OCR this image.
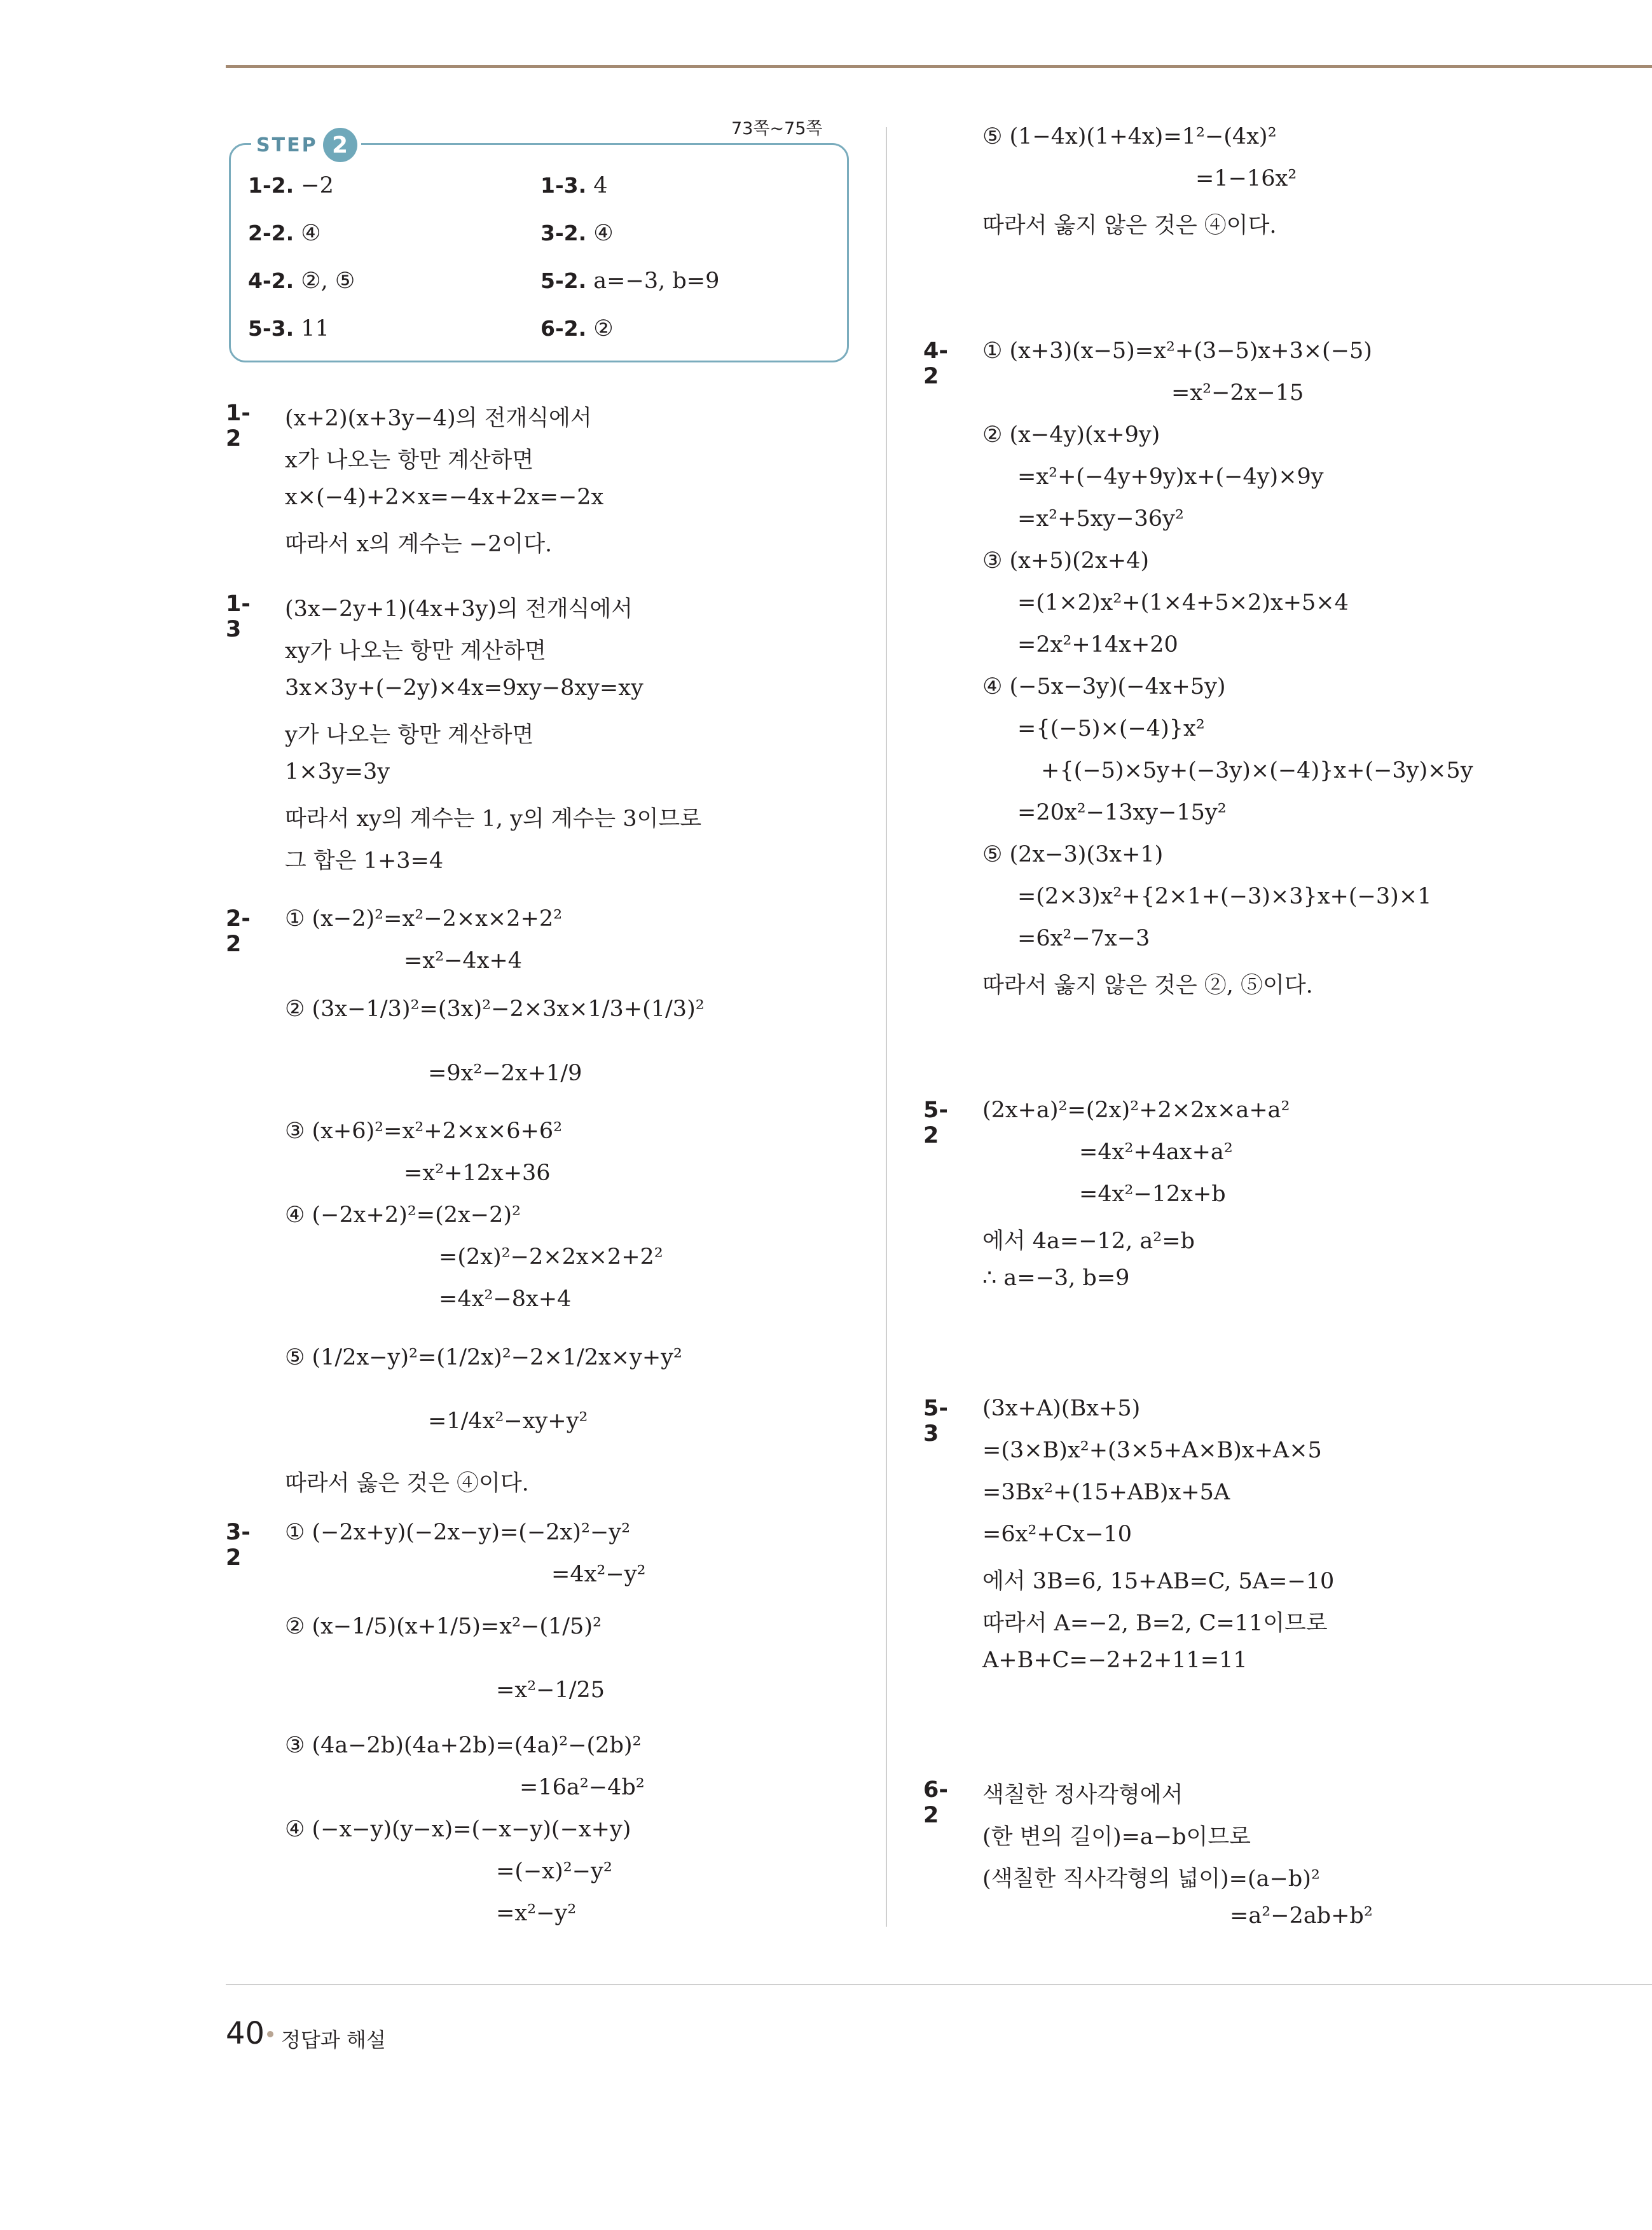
STEP 2
73쪽~75쪽
1-2. −2	1-3. 4
2-2. ④	3-2. ④
4-2. ②, ⑤	5-2. a=−3, b=9
5-3. 11	6-2. ②
1-2
(x+2)(x+3y−4)의 전개식에서
x가 나오는 항만 계산하면
x×(−4)+2×x=−4x+2x=−2x
따라서 x의 계수는 −2이다.
1-3
(3x−2y+1)(4x+3y)의 전개식에서
xy가 나오는 항만 계산하면
3x×3y+(−2y)×4x=9xy−8xy=xy
y가 나오는 항만 계산하면
1×3y=3y
따라서 xy의 계수는 1, y의 계수는 3이므로
그 합은 1+3=4
2-2
① (x−2)²=x²−2×x×2+2²
=x²−4x+4
② (3x−1/3)²=(3x)²−2×3x×1/3+(1/3)²
=9x²−2x+1/9
③ (x+6)²=x²+2×x×6+6²
=x²+12x+36
④ (−2x+2)²=(2x−2)²
=(2x)²−2×2x×2+2²
=4x²−8x+4
⑤ (1/2x−y)²=(1/2x)²−2×1/2x×y+y²
=1/4x²−xy+y²
따라서 옳은 것은 ④이다.
3-2
① (−2x+y)(−2x−y)=(−2x)²−y²
=4x²−y²
② (x−1/5)(x+1/5)=x²−(1/5)²
=x²−1/25
③ (4a−2b)(4a+2b)=(4a)²−(2b)²
=16a²−4b²
④ (−x−y)(y−x)=(−x−y)(−x+y)
=(−x)²−y²
=x²−y²
⑤ (1−4x)(1+4x)=1²−(4x)²
=1−16x²
따라서 옳지 않은 것은 ④이다.
4-2
① (x+3)(x−5)=x²+(3−5)x+3×(−5)
=x²−2x−15
② (x−4y)(x+9y)
=x²+(−4y+9y)x+(−4y)×9y
=x²+5xy−36y²
③ (x+5)(2x+4)
=(1×2)x²+(1×4+5×2)x+5×4
=2x²+14x+20
④ (−5x−3y)(−4x+5y)
={(−5)×(−4)}x²
+{(−5)×5y+(−3y)×(−4)}x+(−3y)×5y
=20x²−13xy−15y²
⑤ (2x−3)(3x+1)
=(2×3)x²+{2×1+(−3)×3}x+(−3)×1
=6x²−7x−3
따라서 옳지 않은 것은 ②, ⑤이다.
5-2
(2x+a)²=(2x)²+2×2x×a+a²
=4x²+4ax+a²
=4x²−12x+b
에서 4a=−12, a²=b
∴ a=−3, b=9
5-3
(3x+A)(Bx+5)
=(3×B)x²+(3×5+A×B)x+A×5
=3Bx²+(15+AB)x+5A
=6x²+Cx−10
에서 3B=6, 15+AB=C, 5A=−10
따라서 A=−2, B=2, C=11이므로
A+B+C=−2+2+11=11
6-2
색칠한 정사각형에서
(한 변의 길이)=a−b이므로
(색칠한 직사각형의 넓이)=(a−b)²
=a²−2ab+b²
40 정답과 해설
